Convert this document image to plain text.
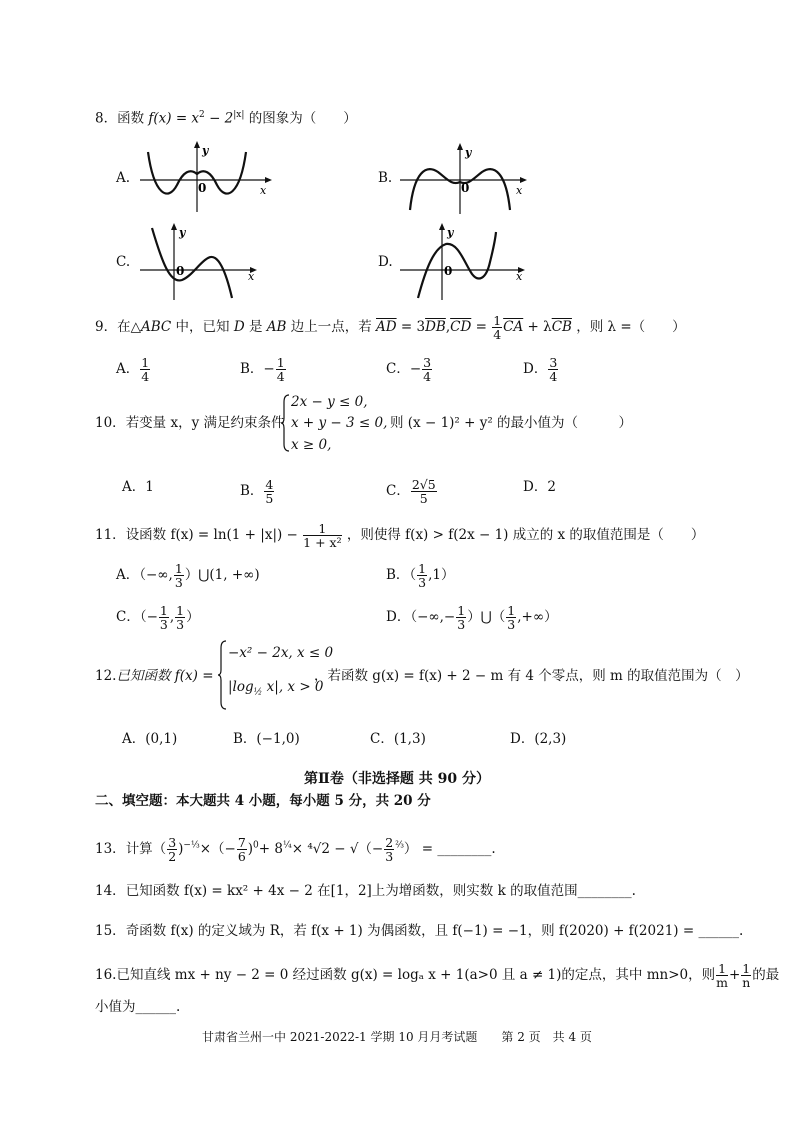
8．函数 $f(x) = x^2 - 2^{|x|}$ 的图象为（　　）
A.	B.
C.	D.
y
x
0
y
x
0
y
x
0
y
x
0
9．在△ABC 中，已知 D 是 AB 边上一点，若 $\overline{AD} = 3\overline{DB},\overline{CD} = \frac{1}{4} \overline{CA} + \lambda\overline{CB}$ ，则 λ =（　　）
A． $\frac{1}{4}$	B．− $\frac{1}{4}$	C．− $\frac{3}{4}$	D． $\frac{3}{4}$
10．若变量 x，y 满足约束条件
2x − y ≤ 0,
x + y − 3 ≤ 0,
x ≥ 0,
则 (x − 1)² + y² 的最小值为（　　　）
A．1	B． $\frac{4}{5}$	C． $\frac{2√5}{5}$	D．2
11．设函数 $f(x) = \ln(1 + |x|) - \frac{1}{\text{1 + x²}}$ ，则使得 f(x) > f(2x − 1) 成立的 x 的取值范围是（　　）
A．（−∞, $\frac{1}{3}$ ）⋃(1, +∞)	B．（ $\frac{1}{3} ,1$）
C．（− $\frac{1}{3}$ , $\frac{1}{3}$ ）	D．（−∞,− $\frac{1}{3}$ ）⋃（ $\frac{1}{3}$ ,+∞）
12.已知函数 f(x) =
−x² − 2x, x ≤ 0
$|\log_{\frac{1}{2}}$ x|, x > 0
，若函数 g(x) = f(x) + 2 − m 有 4 个零点，则 m 的取值范围为（　）
A．(0,1)	B．(−1,0)	C．(1,3)	D．(2,3)
第Ⅱ卷（非选择题 共 90 分）
二、填空题：本大题共 4 小题，每小题 5 分，共 20 分
13．计算（ $\frac{3}{2} )^{-\frac{1}{3}}\times(- \frac{7}{6} )^0+ 8^{\frac{1}{4}}\times ^4√2$ − √（− $\frac{2}{3} ^{\frac{2}{3}}$） = ________.
14．已知函数 f(x) = kx² + 4x − 2 在[1，2]上为增函数，则实数 k 的取值范围________.
15．奇函数 f(x) 的定义域为 R，若 f(x + 1) 为偶函数，且 f(−1) = −1，则 f(2020) + f(2021) = ______.
16.已知直线 mx + ny − 2 = 0 经过函数 g(x) = logₐ x + 1(a>0 且 a ≠ 1)的定点，其中 mn>0，则 $\frac{1}{m} + \frac{1}{n}$ 的最
小值为______.
甘肃省兰州一中 2021-2022-1 学期 10 月月考试题　　第 2 页　共 4 页
